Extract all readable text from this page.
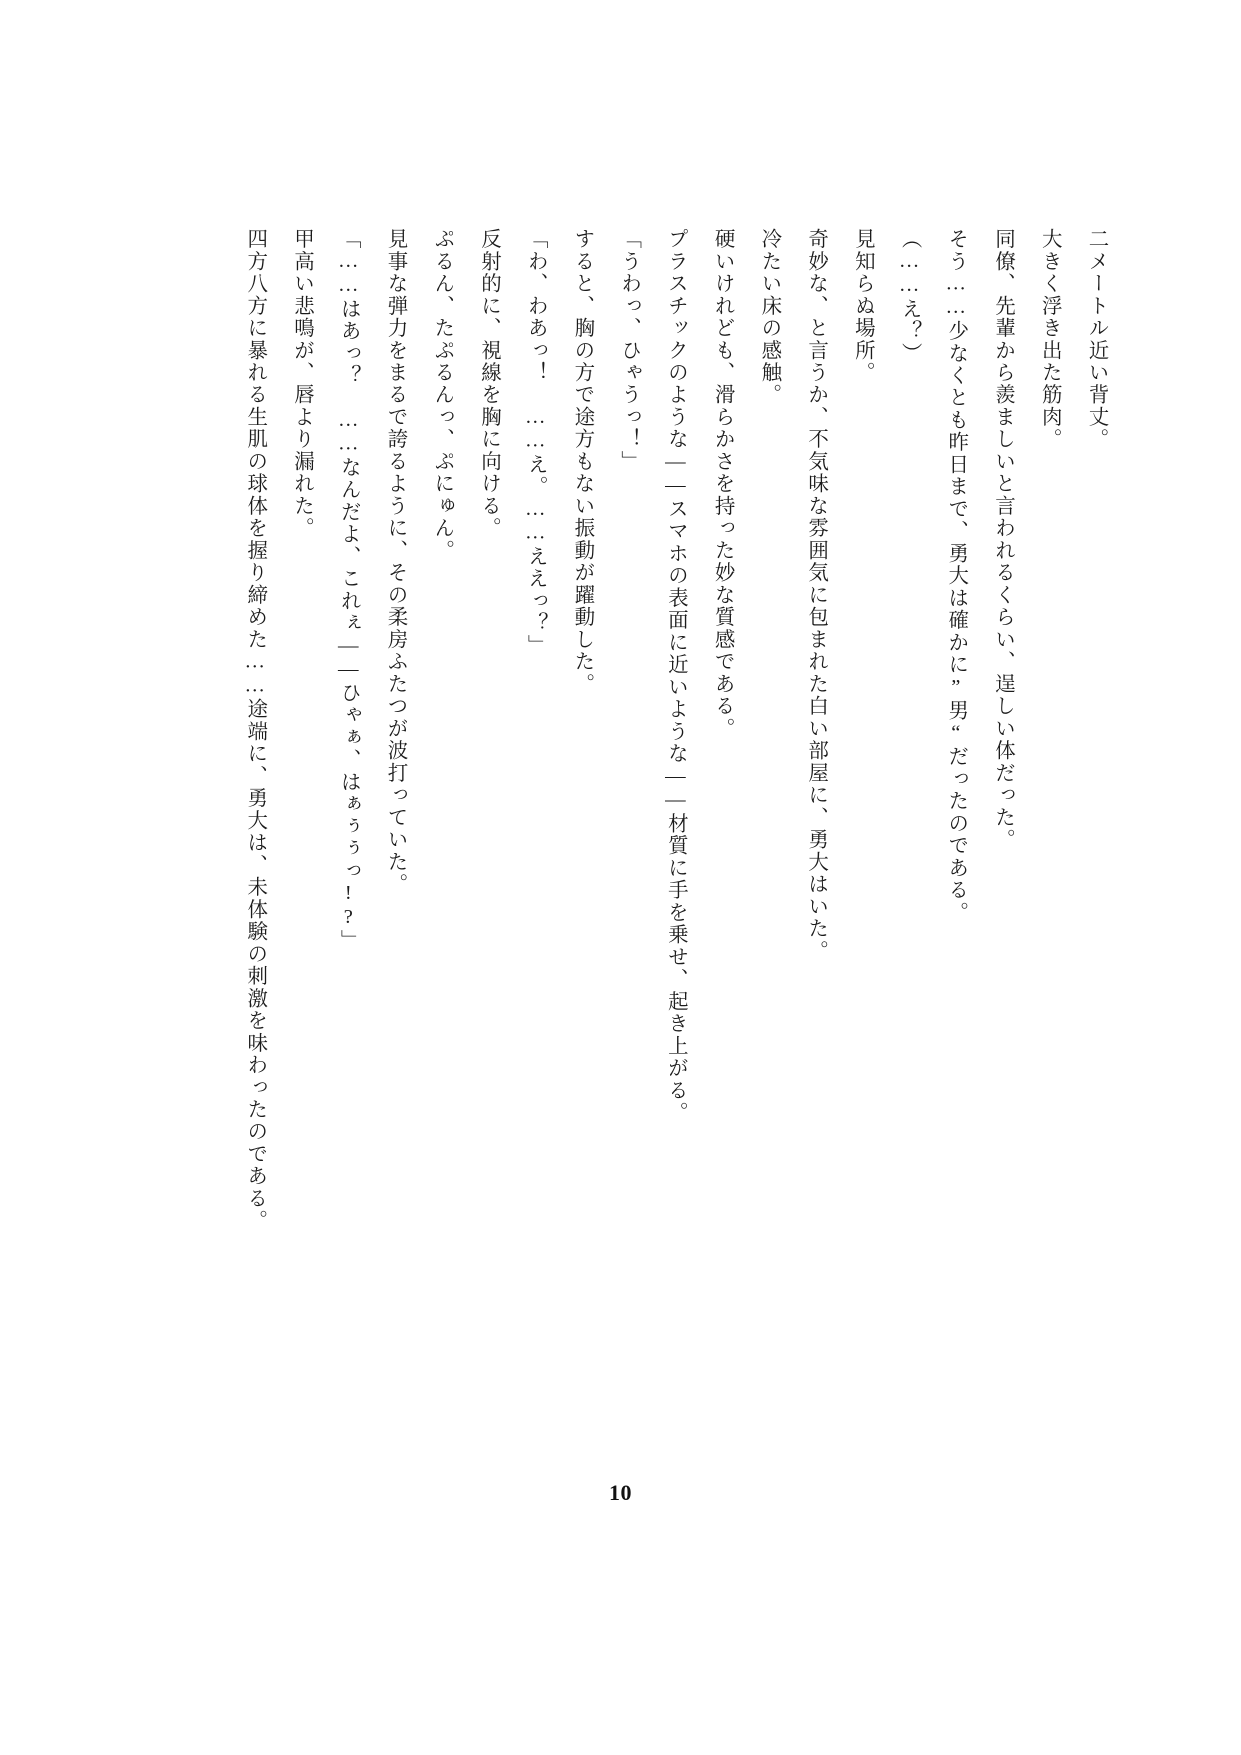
二メートル近い背丈。

大きく浮き出た筋肉。

同僚、先輩から羨ましいと言われるくらい、逞しい体だった。

そう……少なくとも昨日まで、勇大は確かに”男“だったのである。

（……え？）

見知らぬ場所。

奇妙な、と言うか、不気味な雰囲気に包まれた白い部屋に、勇大はいた。

冷たい床の感触。

硬いけれども、滑らかさを持った妙な質感である。

プラスチックのような――スマホの表面に近いような――材質に手を乗せ、起き上がる。

「うわっ、ひゃうっ！」

すると、胸の方で途方もない振動が躍動した。

「わ、わあっ！　……え。……ええっ？」

反射的に、視線を胸に向ける。

ぷるん、たぷるんっ、ぷにゅん。

見事な弾力をまるで誇るように、その柔房ふたつが波打っていた。

「……はあっ？　……なんだよ、これぇ――ひゃぁ、はぁぅぅっ!?」

甲高い悲鳴が、唇より漏れた。

四方八方に暴れる生肌の球体を握り締めた……途端に、勇大は、未体験の刺激を味わったのである。

10
